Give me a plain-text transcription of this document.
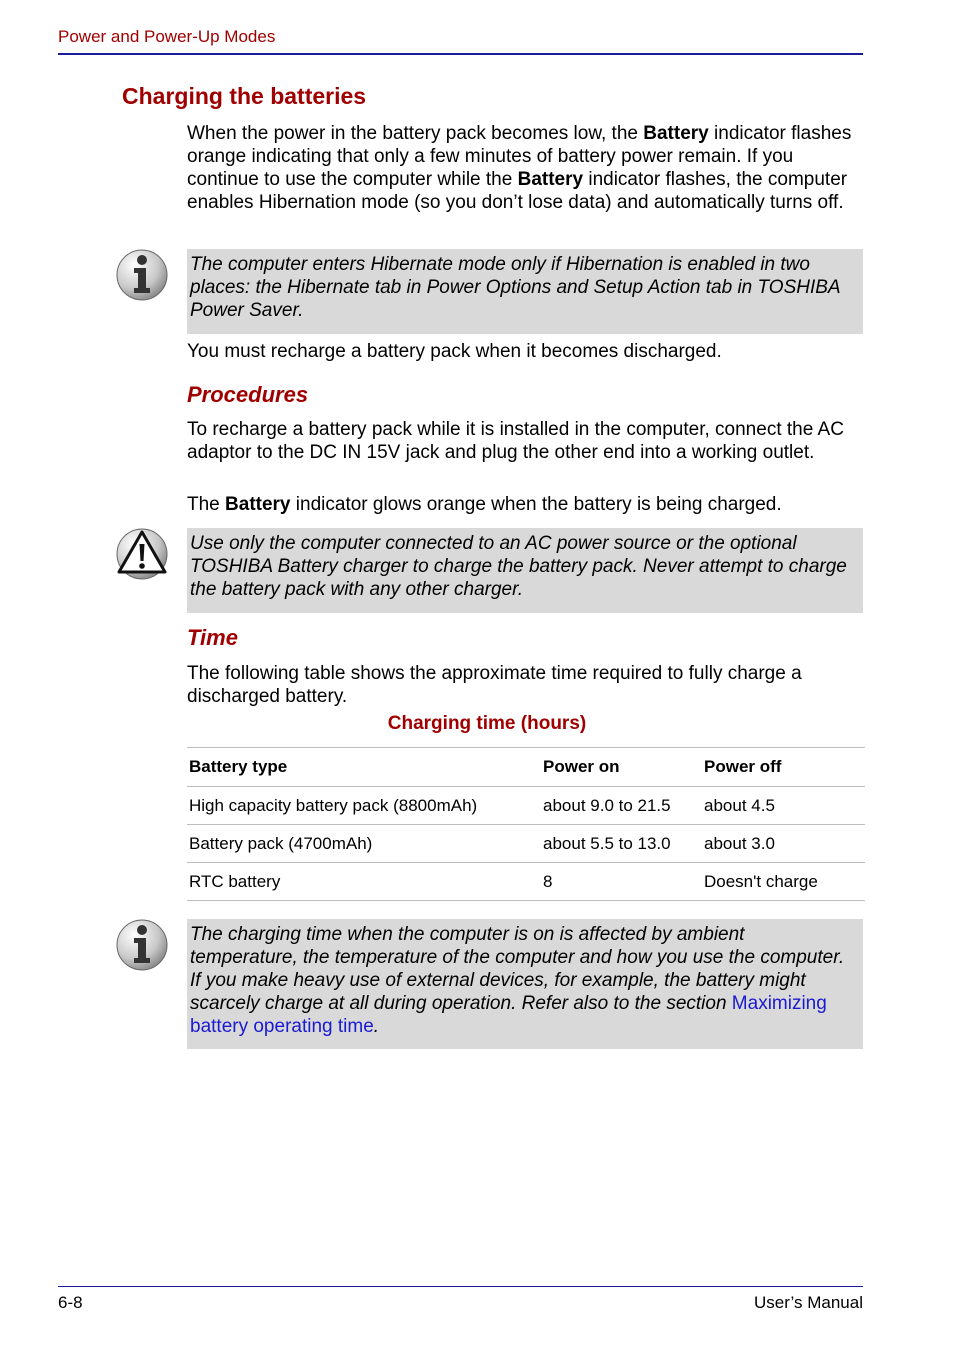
Power and Power-Up Modes
Charging the batteries
When the power in the battery pack becomes low, the Battery indicator flashes orange indicating that only a few minutes of battery power remain. If you continue to use the computer while the Battery indicator flashes, the computer enables Hibernation mode (so you don’t lose data) and automatically turns off.
The computer enters Hibernate mode only if Hibernation is enabled in two places: the Hibernate tab in Power Options and Setup Action tab in TOSHIBA Power Saver.
You must recharge a battery pack when it becomes discharged.
Procedures
To recharge a battery pack while it is installed in the computer, connect the AC adaptor to the DC IN 15V jack and plug the other end into a working outlet.
The Battery indicator glows orange when the battery is being charged.
Use only the computer connected to an AC power source or the optional TOSHIBA Battery charger to charge the battery pack. Never attempt to charge the battery pack with any other charger.
Time
The following table shows the approximate time required to fully charge a discharged battery.
Charging time (hours)
Battery type	Power on	Power off
High capacity battery pack (8800mAh)	about 9.0 to 21.5	about 4.5
Battery pack (4700mAh)	about 5.5 to 13.0	about 3.0
RTC battery	8	Doesn't charge
The charging time when the computer is on is affected by ambient temperature, the temperature of the computer and how you use the computer. If you make heavy use of external devices, for example, the battery might scarcely charge at all during operation. Refer also to the section Maximizing battery operating time.
6-8	User’s Manual
